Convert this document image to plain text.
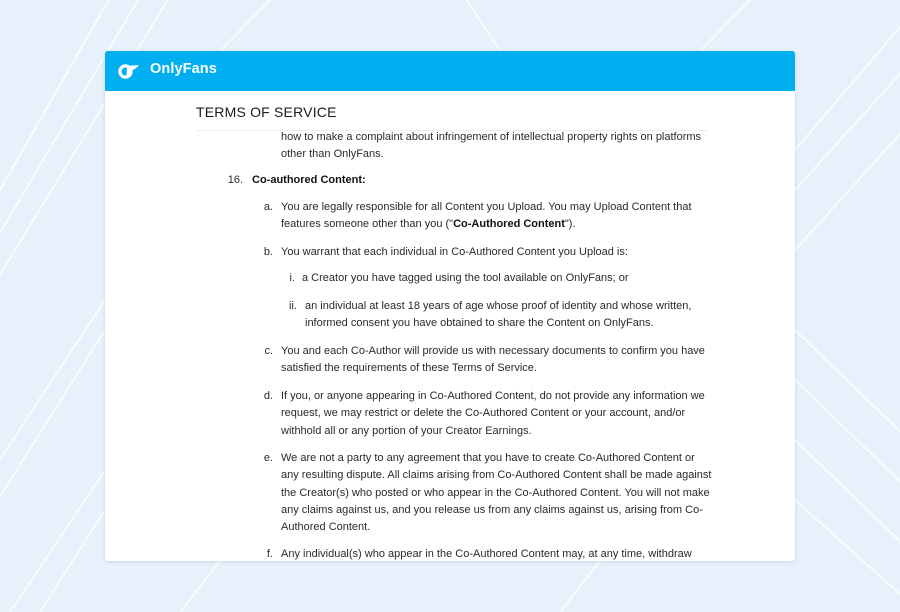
OnlyFans
TERMS OF SERVICE

how to make a complaint about infringement of intellectual property rights on platforms other than OnlyFans.

16. Co-authored Content:
a. You are legally responsible for all Content you Upload. You may Upload Content that features someone other than you ("Co-Authored Content").

b. You warrant that each individual in Co-Authored Content you Upload is:

i. a Creator you have tagged using the tool available on OnlyFans; or

ii. an individual at least 18 years of age whose proof of identity and whose written, informed consent you have obtained to share the Content on OnlyFans.

c. You and each Co-Author will provide us with necessary documents to confirm you have satisfied the requirements of these Terms of Service.

d. If you, or anyone appearing in Co-Authored Content, do not provide any information we request, we may restrict or delete the Co-Authored Content or your account, and/or withhold all or any portion of your Creator Earnings.

e. We are not a party to any agreement that you have to create Co-Authored Content or any resulting dispute. All claims arising from Co-Authored Content shall be made against the Creator(s) who posted or who appear in the Co-Authored Content. You will not make any claims against us, and you release us from any claims against us, arising from Co-Authored Content.

f. Any individual(s) who appear in the Co-Authored Content may, at any time, withdraw
